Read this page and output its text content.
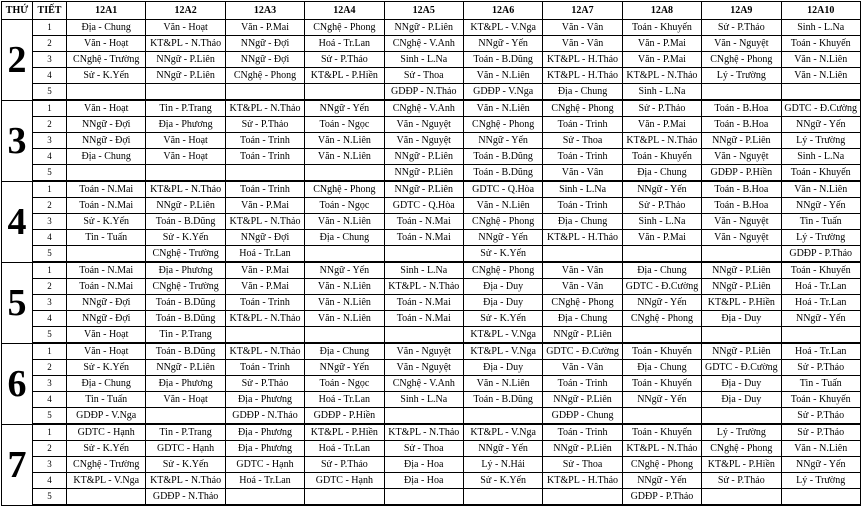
THỨ	TIẾT	12A1	12A2	12A3	12A4	12A5	12A6	12A7	12A8	12A9	12A10
2	1	Địa - Chung	Văn - Hoạt	Văn - P.Mai	CNghệ - Phong	NNgữ - P.Liên	KT&PL - V.Nga	Văn - Vân	Toán - Khuyến	Sử - P.Thảo	Sinh - L.Na
	2	Văn - Hoạt	KT&PL - N.Thảo	NNgữ - Đợi	Hoá - Tr.Lan	CNghệ - V.Anh	NNgữ - Yến	Văn - Vân	Văn - P.Mai	Văn - Nguyệt	Toán - Khuyến
	3	CNghệ - Trường	NNgữ - P.Liên	NNgữ - Đợi	Sử - P.Thảo	Sinh - L.Na	Toán - B.Dũng	KT&PL - H.Thảo	Văn - P.Mai	CNghệ - Phong	Văn - N.Liên
	4	Sử - K.Yến	NNgữ - P.Liên	CNghệ - Phong	KT&PL - P.Hiền	Sử - Thoa	Văn - N.Liên	KT&PL - H.Thảo	KT&PL - N.Thảo	Lý - Trường	Văn - N.Liên
	5					GDĐP - N.Thảo	GDĐP - V.Nga	Địa - Chung	Sinh - L.Na		
3	1	Văn - Hoạt	Tin - P.Trang	KT&PL - N.Thảo	NNgữ - Yến	CNghệ - V.Anh	Văn - N.Liên	CNghệ - Phong	Sử - P.Thảo	Toán - B.Hoa	GDTC - Đ.Cường
	2	NNgữ - Đợi	Địa - Phương	Sử - P.Thảo	Toán - Ngọc	Văn - Nguyệt	CNghệ - Phong	Toán - Trinh	Văn - P.Mai	Toán - B.Hoa	NNgữ - Yến
	3	NNgữ - Đợi	Văn - Hoạt	Toán - Trinh	Văn - N.Liên	Văn - Nguyệt	NNgữ - Yến	Sử - Thoa	KT&PL - N.Thảo	NNgữ - P.Liên	Lý - Trường
	4	Địa - Chung	Văn - Hoạt	Toán - Trinh	Văn - N.Liên	NNgữ - P.Liên	Toán - B.Dũng	Toán - Trinh	Toán - Khuyến	Văn - Nguyệt	Sinh - L.Na
	5					NNgữ - P.Liên	Toán - B.Dũng	Văn - Vân	Địa - Chung	GDĐP - P.Hiền	Toán - Khuyến
4	1	Toán - N.Mai	KT&PL - N.Thảo	Toán - Trinh	CNghệ - Phong	NNgữ - P.Liên	GDTC - Q.Hòa	Sinh - L.Na	NNgữ - Yến	Toán - B.Hoa	Văn - N.Liên
	2	Toán - N.Mai	NNgữ - P.Liên	Văn - P.Mai	Toán - Ngọc	GDTC - Q.Hòa	Văn - N.Liên	Toán - Trinh	Sử - P.Thảo	Toán - B.Hoa	NNgữ - Yến
	3	Sử - K.Yến	Toán - B.Dũng	KT&PL - N.Thảo	Văn - N.Liên	Toán - N.Mai	CNghệ - Phong	Địa - Chung	Sinh - L.Na	Văn - Nguyệt	Tin - Tuấn
	4	Tin - Tuấn	Sử - K.Yến	NNgữ - Đợi	Địa - Chung	Toán - N.Mai	NNgữ - Yến	KT&PL - H.Thảo	Văn - P.Mai	Văn - Nguyệt	Lý - Trường
	5		CNghệ - Trường	Hoá - Tr.Lan			Sử - K.Yến				GDĐP - P.Thảo
5	1	Toán - N.Mai	Địa - Phương	Văn - P.Mai	NNgữ - Yến	Sinh - L.Na	CNghệ - Phong	Văn - Vân	Địa - Chung	NNgữ - P.Liên	Toán - Khuyến
	2	Toán - N.Mai	CNghệ - Trường	Văn - P.Mai	Văn - N.Liên	KT&PL - N.Thảo	Địa - Duy	Văn - Vân	GDTC - Đ.Cường	NNgữ - P.Liên	Hoá - Tr.Lan
	3	NNgữ - Đợi	Toán - B.Dũng	Toán - Trinh	Văn - N.Liên	Toán - N.Mai	Địa - Duy	CNghệ - Phong	NNgữ - Yến	KT&PL - P.Hiền	Hoá - Tr.Lan
	4	NNgữ - Đợi	Toán - B.Dũng	KT&PL - N.Thảo	Văn - N.Liên	Toán - N.Mai	Sử - K.Yến	Địa - Chung	CNghệ - Phong	Địa - Duy	NNgữ - Yến
	5	Văn - Hoạt	Tin - P.Trang				KT&PL - V.Nga	NNgữ - P.Liên			
6	1	Văn - Hoạt	Toán - B.Dũng	KT&PL - N.Thảo	Địa - Chung	Văn - Nguyệt	KT&PL - V.Nga	GDTC - Đ.Cường	Toán - Khuyến	NNgữ - P.Liên	Hoá - Tr.Lan
	2	Sử - K.Yến	NNgữ - P.Liên	Toán - Trinh	NNgữ - Yến	Văn - Nguyệt	Địa - Duy	Văn - Vân	Địa - Chung	GDTC - Đ.Cường	Sử - P.Thảo
	3	Địa - Chung	Địa - Phương	Sử - P.Thảo	Toán - Ngọc	CNghệ - V.Anh	Văn - N.Liên	Toán - Trinh	Toán - Khuyến	Địa - Duy	Tin - Tuấn
	4	Tin - Tuấn	Văn - Hoạt	Địa - Phương	Hoá - Tr.Lan	Sinh - L.Na	Toán - B.Dũng	NNgữ - P.Liên	NNgữ - Yến	Địa - Duy	Toán - Khuyến
	5	GDĐP - V.Nga		GDĐP - N.Thảo	GDĐP - P.Hiền			GDĐP - Chung			Sử - P.Thảo
7	1	GDTC - Hạnh	Tin - P.Trang	Địa - Phương	KT&PL - P.Hiền	KT&PL - N.Thảo	KT&PL - V.Nga	Toán - Trinh	Toán - Khuyến	Lý - Trường	Sử - P.Thảo
	2	Sử - K.Yến	GDTC - Hạnh	Địa - Phương	Hoá - Tr.Lan	Sử - Thoa	NNgữ - Yến	NNgữ - P.Liên	KT&PL - N.Thảo	CNghệ - Phong	Văn - N.Liên
	3	CNghệ - Trường	Sử - K.Yến	GDTC - Hạnh	Sử - P.Thảo	Địa - Hoa	Lý - N.Hải	Sử - Thoa	CNghệ - Phong	KT&PL - P.Hiền	NNgữ - Yến
	4	KT&PL - V.Nga	KT&PL - N.Thảo	Hoá - Tr.Lan	GDTC - Hạnh	Địa - Hoa	Sử - K.Yến	KT&PL - H.Thảo	NNgữ - Yến	Sử - P.Thảo	Lý - Trường
	5		GDĐP - N.Thảo						GDĐP - P.Thảo		
